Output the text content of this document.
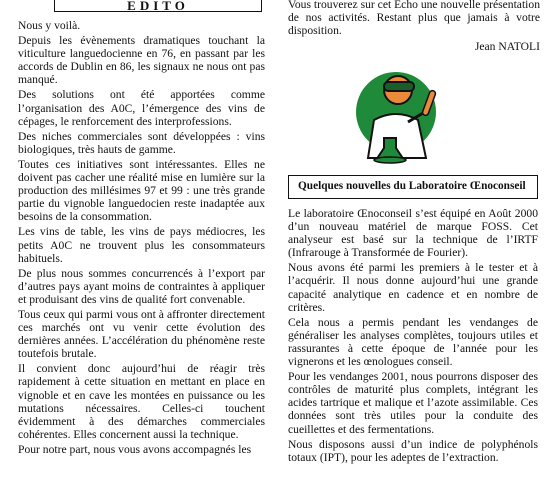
$_{EDITO}$

Nous y voilà.

Depuis les évènements dramatiques touchant la viticulture languedocienne en 76, en passant par les accords de Dublin en 86, les signaux ne nous ont pas manqué.

Des solutions ont été apportées comme l’organisation des A0C, l’émergence des vins de cépages, le renforcement des interprofessions.

Des niches commerciales sont développées : vins biologiques, très hauts de gamme.

Toutes ces initiatives sont intéressantes. Elles ne doivent pas cacher une réalité mise en lumière sur la production des millésimes 97 et 99 : une très grande partie du vignoble languedocien reste inadaptée aux besoins de la consommation.

Les vins de table, les vins de pays médiocres, les petits A0C ne trouvent plus les consommateurs habituels.

De plus nous sommes concurrencés à l’export par d’autres pays ayant moins de contraintes à appliquer et produisant des vins de qualité fort convenable.

Tous ceux qui parmi vous ont à affronter directement ces marchés ont vu venir cette évolution des dernières années. L’accélération du phénomène reste toutefois brutale.

Il convient donc aujourd’hui de réagir très rapidement à cette situation en mettant en place en vignoble et en cave les montées en puissance ou les mutations nécessaires. Celles-ci touchent évidemment à des démarches commerciales cohérentes. Elles concernent aussi la technique.

Pour notre part, nous vous avons accompagnés les

Vous trouverez sur cet Echo une nouvelle présentation de nos activités. Restant plus que jamais à votre disposition.

Jean NATOLI
Quelques nouvelles du Laboratoire Œnoconseil

Le laboratoire Œnoconseil s’est équipé en Août 2000 d’un nouveau matériel de marque FOSS. Cet analyseur est basé sur la technique de l’IRTF (Infrarouge à Transformée de Fourier).

Nous avons été parmi les premiers à le tester et à l’acquérir. Il nous donne aujourd’hui une grande capacité analytique en cadence et en nombre de critères.

Cela nous a permis pendant les vendanges de généraliser les analyses complètes, toujours utiles et rassurantes à cette époque de l’année pour les vignerons et les œnologues conseil.

Pour les vendanges 2001, nous pourrons disposer des contrôles de maturité plus complets, intégrant les acides tartrique et malique et l’azote assimilable. Ces données sont très utiles pour la conduite des cueillettes et des fermentations.

Nous disposons aussi d’un indice de polyphénols totaux (IPT), pour les adeptes de l’extraction.
